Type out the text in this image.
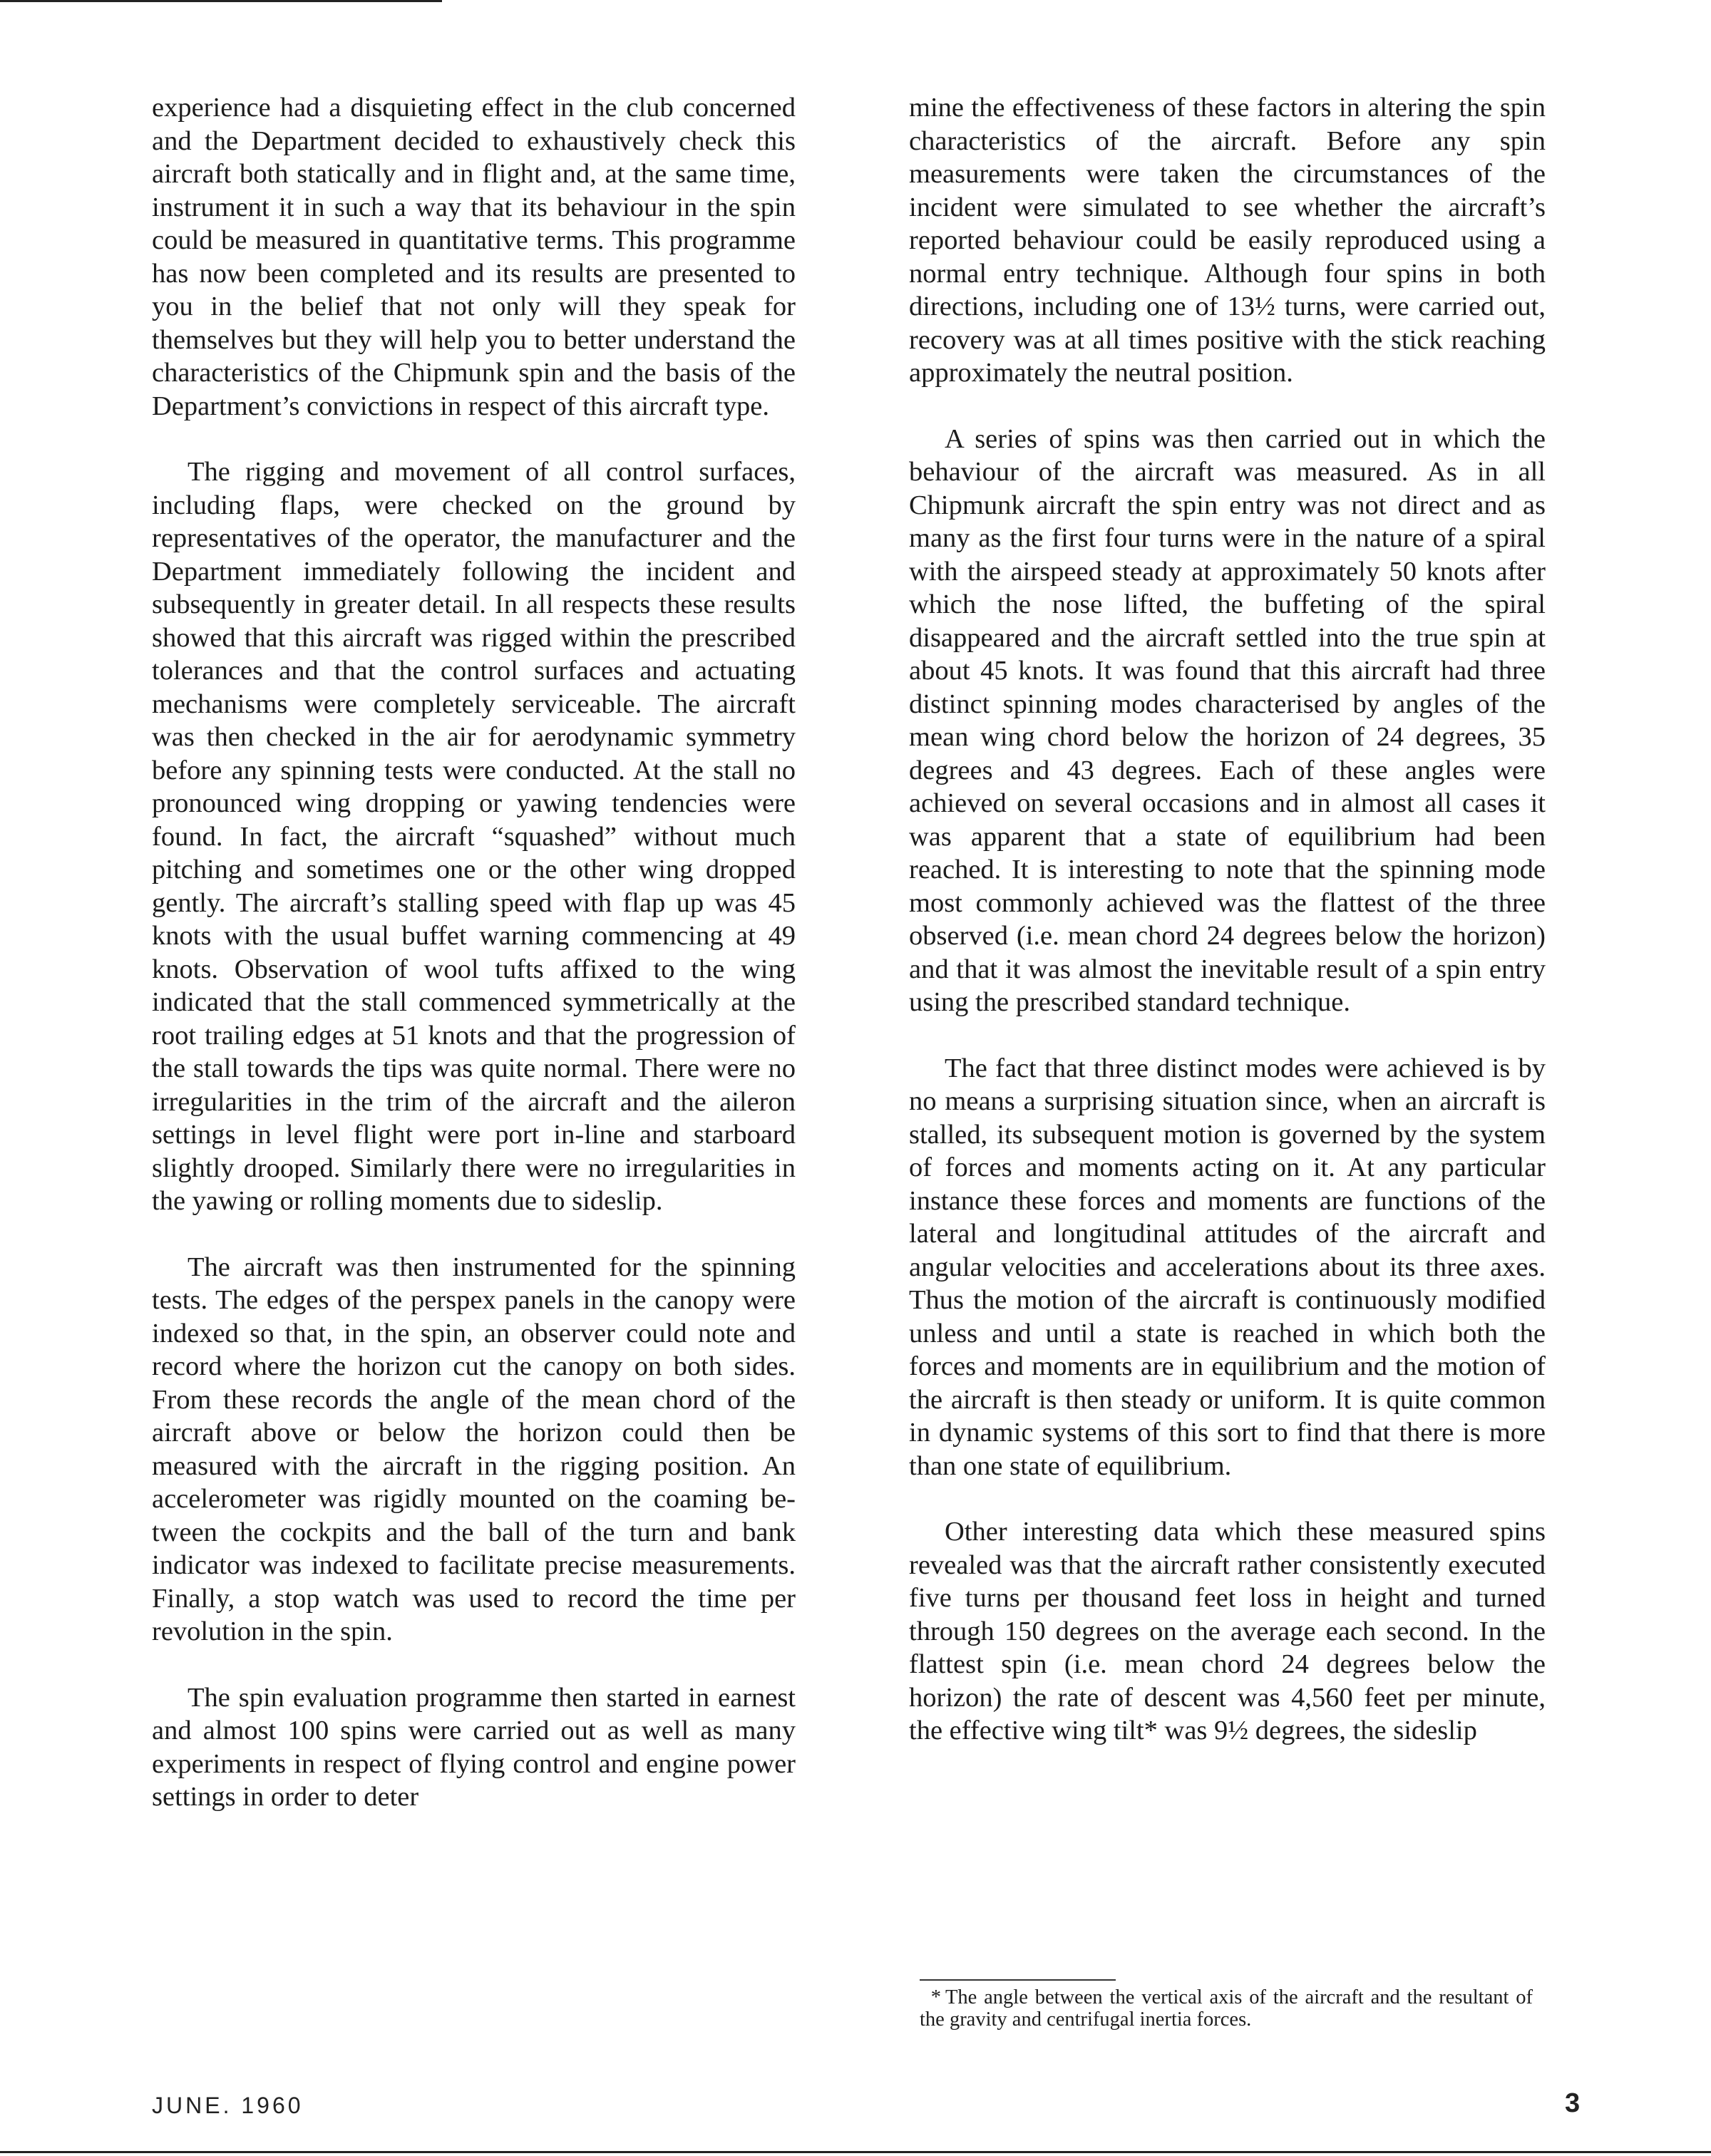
experience had a disquieting effect in the club concerned and the Department decided to exhaustively check this aircraft both statically and in flight and, at the same time, instrument it in such a way that its behaviour in the spin could be measured in quantitative terms. This programme has now been completed and its results are presented to you in the belief that not only will they speak for themselves but they will help you to better understand the characteristics of the Chipmunk spin and the basis of the Department’s convictions in respect of this aircraft type.

The rigging and movement of all control surfaces, including flaps, were checked on the ground by representatives of the operator, the manufacturer and the Department immediately following the incident and subsequently in greater detail. In all respects these results showed that this aircraft was rigged within the prescribed tolerances and that the control surfaces and actuating mechanisms were completely serviceable. The aircraft was then checked in the air for aerodynamic symmetry before any spinning tests were conducted. At the stall no pronounced wing dropping or yawing tendencies were found. In fact, the aircraft “squashed” without much pitching and sometimes one or the other wing dropped gently. The aircraft’s stalling speed with flap up was 45 knots with the usual buffet warning commencing at 49 knots. Observation of wool tufts affixed to the wing indicated that the stall commenced symmetrically at the root trailing edges at 51 knots and that the progression of the stall towards the tips was quite normal. There were no irregularities in the trim of the aircraft and the aileron settings in level flight were port in-line and starboard slightly drooped. Similarly there were no irregularities in the yawing or rolling moments due to sideslip.

The aircraft was then instrumented for the spinning tests. The edges of the perspex panels in the canopy were indexed so that, in the spin, an observer could note and record where the horizon cut the canopy on both sides. From these records the angle of the mean chord of the aircraft above or below the horizon could then be measured with the aircraft in the rigging position. An accelerometer was rigidly mounted on the coaming between the cockpits and the ball of the turn and bank indicator was indexed to facilitate precise measurements. Finally, a stop watch was used to record the time per revolution in the spin.

The spin evaluation programme then started in earnest and almost 100 spins were carried out as well as many experiments in respect of flying control and engine power settings in order to deter

mine the effectiveness of these factors in altering the spin characteristics of the aircraft. Before any spin measurements were taken the circumstances of the incident were simulated to see whether the aircraft’s reported behaviour could be easily reproduced using a normal entry technique. Although four spins in both directions, including one of 13½ turns, were carried out, recovery was at all times positive with the stick reaching approximately the neutral position.

A series of spins was then carried out in which the behaviour of the aircraft was measured. As in all Chipmunk aircraft the spin entry was not direct and as many as the first four turns were in the nature of a spiral with the airspeed steady at approximately 50 knots after which the nose lifted, the buffeting of the spiral disappeared and the aircraft settled into the true spin at about 45 knots. It was found that this aircraft had three distinct spinning modes characterised by angles of the mean wing chord below the horizon of 24 degrees, 35 degrees and 43 degrees. Each of these angles were achieved on several occasions and in almost all cases it was apparent that a state of equilibrium had been reached. It is interesting to note that the spinning mode most commonly achieved was the flattest of the three observed (i.e. mean chord 24 degrees below the horizon) and that it was almost the inevitable result of a spin entry using the prescribed standard technique.

The fact that three distinct modes were achieved is by no means a surprising situation since, when an aircraft is stalled, its subsequent motion is governed by the system of forces and moments acting on it. At any particular instance these forces and moments are functions of the lateral and longitudinal attitudes of the aircraft and angular velocities and accelerations about its three axes. Thus the motion of the aircraft is continuously modified unless and until a state is reached in which both the forces and moments are in equilibrium and the motion of the aircraft is then steady or uniform. It is quite common in dynamic systems of this sort to find that there is more than one state of equilibrium.

Other interesting data which these measured spins revealed was that the aircraft rather consistently executed five turns per thousand feet loss in height and turned through 150 degrees on the average each second. In the flattest spin (i.e. mean chord 24 degrees below the horizon) the rate of descent was 4,560 feet per minute, the effective wing tilt* was 9½ degrees, the sideslip

* The angle between the vertical axis of the aircraft and the resultant of the gravity and centrifugal inertia forces.
JUNE. 1960	3
